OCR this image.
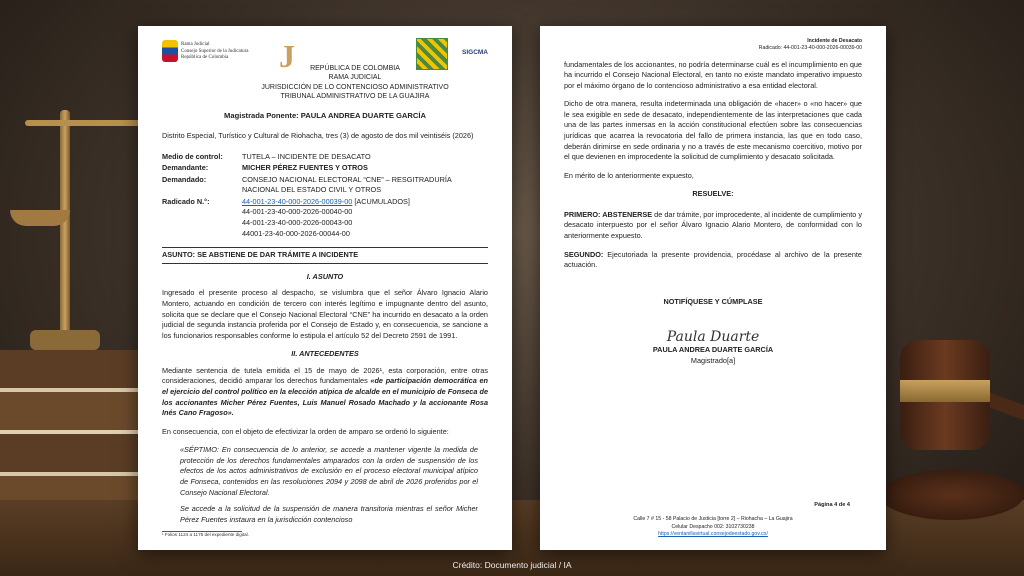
Rama Judicial
Consejo Superior de la Judicatura
República de Colombia	J	SIGCMA
REPÚBLICA DE COLOMBIA
RAMA JUDICIAL
JURISDICCIÓN DE LO CONTENCIOSO ADMINISTRATIVO
TRIBUNAL ADMINISTRATIVO DE LA GUAJIRA
Magistrada Ponente: PAULA ANDREA DUARTE GARCÍA
Distrito Especial, Turístico y Cultural de Riohacha, tres (3) de agosto de dos mil veintiséis (2026)
Medio de control:	TUTELA – INCIDENTE DE DESACATO
Demandante:	MICHER PÉREZ FUENTES Y OTROS
Demandado:	CONSEJO NACIONAL ELECTORAL “CNE” – RESGITRADURÍA NACIONAL DEL ESTADO CIVIL Y OTROS
Radicado N.°:	44-001-23-40-000-2026-00039-00 [ACUMULADOS]
44-001-23-40-000-2026-00040-00
44-001-23-40-000-2026-00043-00
44001-23-40-000-2026-00044-00
ASUNTO: SE ABSTIENE DE DAR TRÁMITE A INCIDENTE
I. ASUNTO
Ingresado el presente proceso al despacho, se vislumbra que el señor Álvaro Ignacio Alario Montero, actuando en condición de tercero con interés legítimo e impugnante dentro del asunto, solicita que se declare que el Consejo Nacional Electoral “CNE” ha incurrido en desacato a la orden judicial de segunda instancia proferida por el Consejo de Estado y, en consecuencia, se sancione a los funcionarios responsables conforme lo estipula el artículo 52 del Decreto 2591 de 1991.
II. ANTECEDENTES
Mediante sentencia de tutela emitida el 15 de mayo de 2026¹, esta corporación, entre otras consideraciones, decidió amparar los derechos fundamentales «de participación democrática en el ejercicio del control político en la elección atípica de alcalde en el municipio de Fonseca de los accionantes Micher Pérez Fuentes, Luis Manuel Rosado Machado y la accionante Rosa Inés Cano Fragoso».
En consecuencia, con el objeto de efectivizar la orden de amparo se ordenó lo siguiente:
«SÉPTIMO: En consecuencia de lo anterior, se accede a mantener vigente la medida de protección de los derechos fundamentales amparados con la orden de suspensión de los efectos de los actos administrativos de exclusión en el proceso electoral municipal atípico de Fonseca, contenidos en las resoluciones 2094 y 2098 de abril de 2026 proferidos por el Consejo Nacional Electoral.
Se accede a la solicitud de la suspensión de manera transitoria mientras el señor Micher Pérez Fuentes instaura en la jurisdicción contencioso
¹ Folios 1124 a 1175 del expediente digital.
Incidente de Desacato
Radicado: 44-001-23-40-000-2026-00039-00
fundamentales de los accionantes, no podría determinarse cuál es el incumplimiento en que ha incurrido el Consejo Nacional Electoral, en tanto no existe mandato imperativo impuesto por el máximo órgano de lo contencioso administrativo a esa entidad electoral.
Dicho de otra manera, resulta indeterminada una obligación de «hacer» o «no hacer» que le sea exigible en sede de desacato, independientemente de las interpretaciones que cada una de las partes inmersas en la acción constitucional efectúen sobre las consecuencias jurídicas que acarrea la revocatoria del fallo de primera instancia, las que en todo caso, deberán dirimirse en sede ordinaria y no a través de este mecanismo coercitivo, motivo por el que devienen en improcedente la solicitud de cumplimiento y desacato solicitada.
En mérito de lo anteriormente expuesto,
RESUELVE:
PRIMERO: ABSTENERSE de dar trámite, por improcedente, al incidente de cumplimiento y desacato interpuesto por el señor Álvaro Ignacio Alario Montero, de conformidad con lo anteriormente expuesto.
SEGUNDO: Ejecutoriada la presente providencia, procédase al archivo de la presente actuación.
NOTIFÍQUESE Y CÚMPLASE
Paula Duarte
PAULA ANDREA DUARTE GARCÍA
Magistrado[a]
Página 4 de 4
Calle 7 # 15 - 58 Palacio de Justicia [torre 2] – Riohacha – La Guajira
Celular Despacho 002: 3102730238
https://ventanillavirtual.consejodeestado.gov.co/
Crédito: Documento judicial / IA
